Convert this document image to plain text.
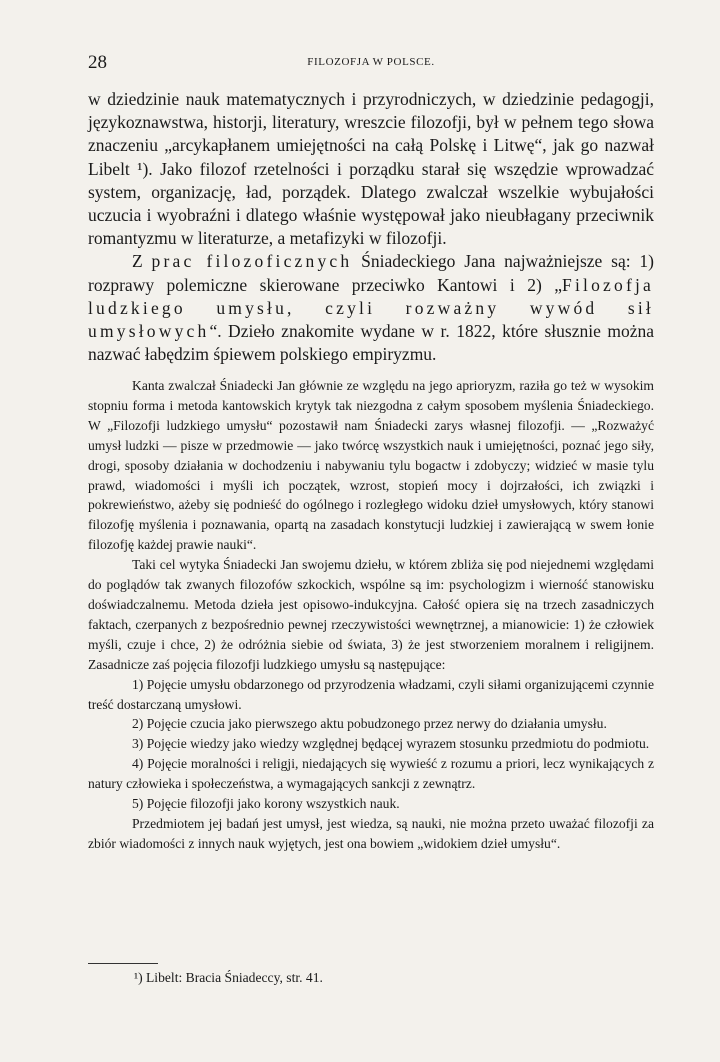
28	FILOZOFJA W POLSCE.

w dziedzinie nauk matematycznych i przyrodniczych, w dziedzinie pedagogji, językoznawstwa, historji, literatury, wreszcie filozofji, był w pełnem tego słowa znaczeniu „arcykapłanem umiejętności na całą Polskę i Litwę“, jak go nazwał Libelt ¹). Jako filozof rzetelności i porządku starał się wszędzie wprowadzać system, organizację, ład, porządek. Dlatego zwalczał wszelkie wybujałości uczucia i wyobraźni i dlatego właśnie występował jako nieubłagany przeciwnik romantyzmu w literaturze, a metafizyki w filozofji.

Z prac filozoficznych Śniadeckiego Jana najważniejsze są: 1) rozprawy polemiczne skierowane przeciwko Kantowi i 2) „Filozofja ludzkiego umysłu, czyli rozważny wywód sił umysłowych“. Dzieło znakomite wydane w r. 1822, które słusznie można nazwać łabędzim śpiewem polskiego empiryzmu.

Kanta zwalczał Śniadecki Jan głównie ze względu na jego aprioryzm, raziła go też w wysokim stopniu forma i metoda kantowskich krytyk tak niezgodna z całym sposobem myślenia Śniadeckiego. W „Filozofji ludzkiego umysłu“ pozostawił nam Śniadecki zarys własnej filozofji. — „Rozważyć umysł ludzki — pisze w przedmowie — jako twórcę wszystkich nauk i umiejętności, poznać jego siły, drogi, sposoby działania w dochodzeniu i nabywaniu tylu bogactw i zdobyczy; widzieć w masie tylu prawd, wiadomości i myśli ich początek, wzrost, stopień mocy i dojrzałości, ich związki i pokrewieństwo, ażeby się podnieść do ogólnego i rozległego widoku dzieł umysłowych, który stanowi filozofję myślenia i poznawania, opartą na zasadach konstytucji ludzkiej i zawierającą w swem łonie filozofję każdej prawie nauki“.

Taki cel wytyka Śniadecki Jan swojemu dziełu, w którem zbliża się pod niejednemi względami do poglądów tak zwanych filozofów szkockich, wspólne są im: psychologizm i wierność stanowisku doświadczalnemu. Metoda dzieła jest opisowo-indukcyjna. Całość opiera się na trzech zasadniczych faktach, czerpanych z bezpośrednio pewnej rzeczywistości wewnętrznej, a mianowicie: 1) że człowiek myśli, czuje i chce, 2) że odróżnia siebie od świata, 3) że jest stworzeniem moralnem i religijnem. Zasadnicze zaś pojęcia filozofji ludzkiego umysłu są następujące:

1) Pojęcie umysłu obdarzonego od przyrodzenia władzami, czyli siłami organizującemi czynnie treść dostarczaną umysłowi.

2) Pojęcie czucia jako pierwszego aktu pobudzonego przez nerwy do działania umysłu.

3) Pojęcie wiedzy jako wiedzy względnej będącej wyrazem stosunku przedmiotu do podmiotu.

4) Pojęcie moralności i religji, niedających się wywieść z rozumu a priori, lecz wynikających z natury człowieka i społeczeństwa, a wymagających sankcji z zewnątrz.

5) Pojęcie filozofji jako korony wszystkich nauk.

Przedmiotem jej badań jest umysł, jest wiedza, są nauki, nie można przeto uważać filozofji za zbiór wiadomości z innych nauk wyjętych, jest ona bowiem „widokiem dzieł umysłu“.

¹) Libelt: Bracia Śniadeccy, str. 41.
